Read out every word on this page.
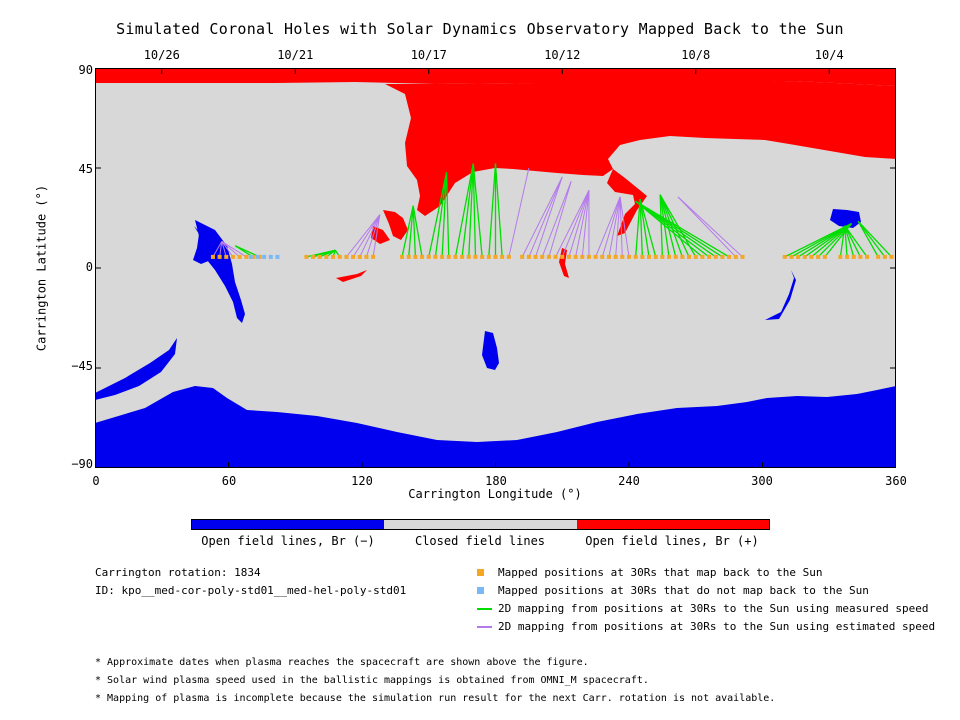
Simulated Coronal Holes with Solar Dynamics Observatory Mapped Back to the Sun
10/26	10/21	10/17	10/12	10/8	10/4
90
45
0
−45
−90
Carrington Latitude (°)
0	60	120	180	240	300	360
Carrington Longitude (°)
Open field lines, Br (−)	Closed field lines	Open field lines, Br (+)
Carrington rotation: 1834
ID: kpo__med-cor-poly-std01__med-hel-poly-std01
Mapped positions at 30Rs that map back to the Sun
Mapped positions at 30Rs that do not map back to the Sun
2D mapping from positions at 30Rs to the Sun using measured speed
2D mapping from positions at 30Rs to the Sun using estimated speed
* Approximate dates when plasma reaches the spacecraft are shown above the figure.
* Solar wind plasma speed used in the ballistic mappings is obtained from OMNI_M spacecraft.
* Mapping of plasma is incomplete because the simulation run result for the next Carr. rotation is not available.
